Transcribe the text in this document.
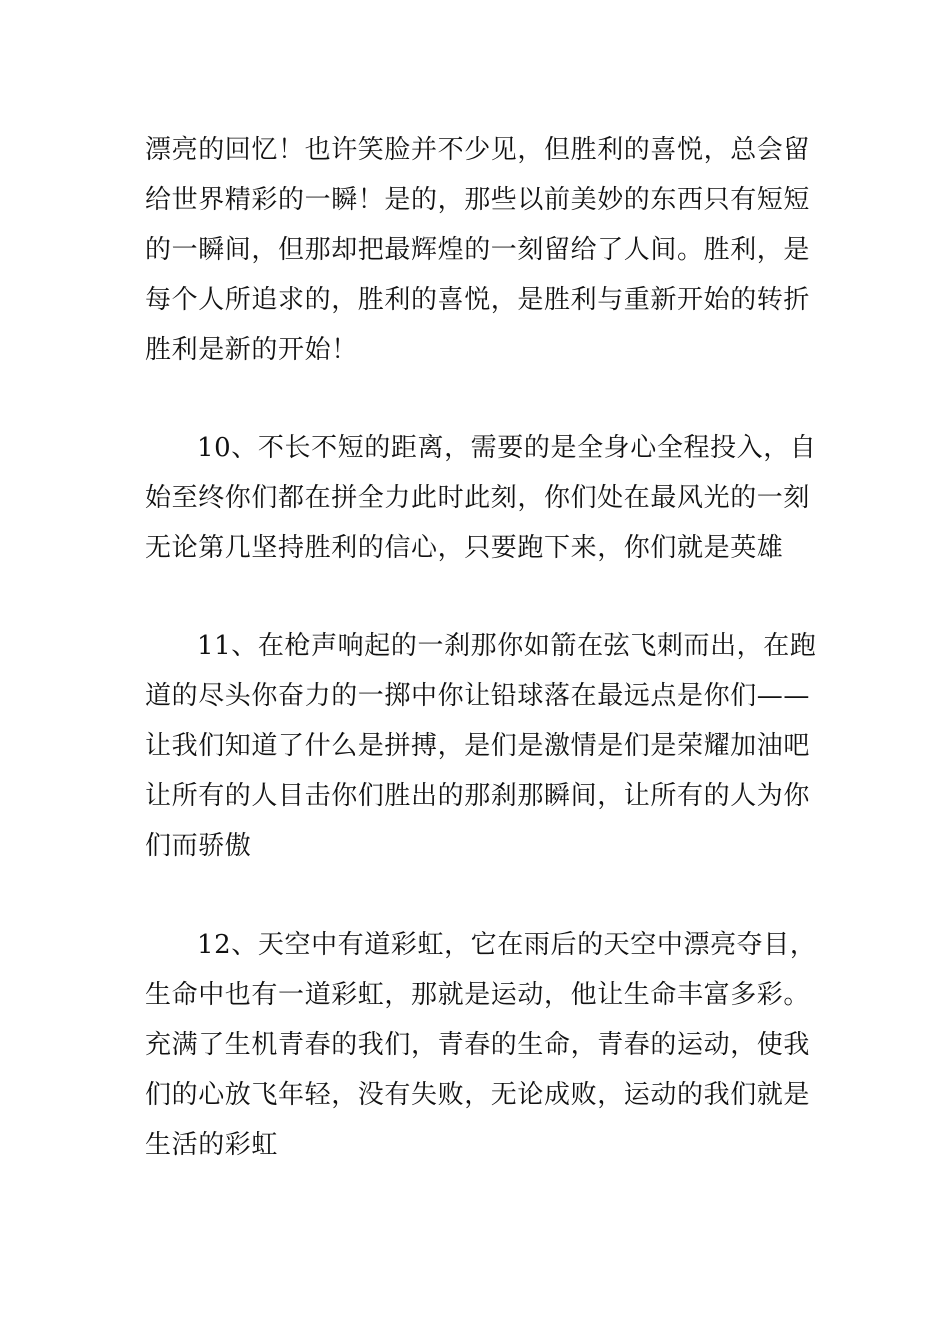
漂亮的回忆！也许笑脸并不少见，但胜利的喜悦，总会留
给世界精彩的一瞬！是的，那些以前美妙的东西只有短短
的一瞬间，但那却把最辉煌的一刻留给了人间。胜利，是
每个人所追求的，胜利的喜悦，是胜利与重新开始的转折
胜利是新的开始！
10、不长不短的距离，需要的是全身心全程投入，自
始至终你们都在拼全力此时此刻，你们处在最风光的一刻
无论第几坚持胜利的信心，只要跑下来，你们就是英雄
11、在枪声响起的一刹那你如箭在弦飞刺而出，在跑
道的尽头你奋力的一掷中你让铅球落在最远点是你们——
让我们知道了什么是拼搏，是们是激情是们是荣耀加油吧
让所有的人目击你们胜出的那刹那瞬间，让所有的人为你
们而骄傲
12、天空中有道彩虹，它在雨后的天空中漂亮夺目，
生命中也有一道彩虹，那就是运动，他让生命丰富多彩。
充满了生机青春的我们，青春的生命，青春的运动，使我
们的心放飞年轻，没有失败，无论成败，运动的我们就是
生活的彩虹
